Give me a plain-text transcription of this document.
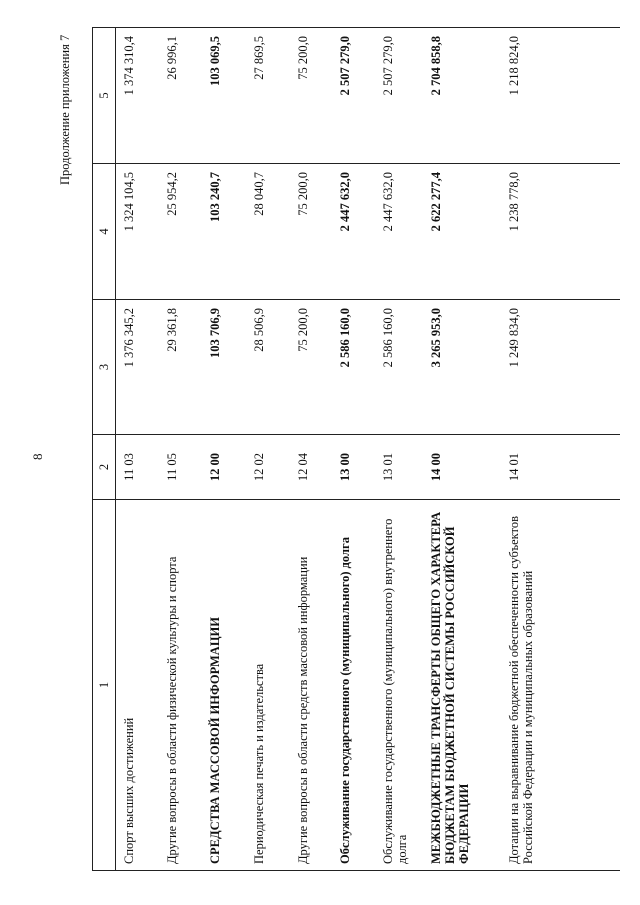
8
Продолжение приложения 7
1	2	3	4	5
Спорт высших достижений	11 03	1 376 345,2	1 324 104,5	1 374 310,4
Другие вопросы в области физической культуры и спорта	11 05	29 361,8	25 954,2	26 996,1
СРЕДСТВА МАССОВОЙ ИНФОРМАЦИИ	12 00	103 706,9	103 240,7	103 069,5
Периодическая печать и издательства	12 02	28 506,9	28 040,7	27 869,5
Другие вопросы в области средств массовой информации	12 04	75 200,0	75 200,0	75 200,0
Обслуживание государственного (муниципального) долга	13 00	2 586 160,0	2 447 632,0	2 507 279,0
Обслуживание государственного (муниципального) внутреннего долга	13 01	2 586 160,0	2 447 632,0	2 507 279,0
МЕЖБЮДЖЕТНЫЕ ТРАНСФЕРТЫ ОБЩЕГО ХАРАКТЕРА БЮДЖЕТАМ БЮДЖЕТНОЙ СИСТЕМЫ РОССИЙСКОЙ ФЕДЕРАЦИИ	14 00	3 265 953,0	2 622 277,4	2 704 858,8
Дотации на выравнивание бюджетной обеспеченности субъектов Российской Федерации и муниципальных образований	14 01	1 249 834,0	1 238 778,0	1 218 824,0
